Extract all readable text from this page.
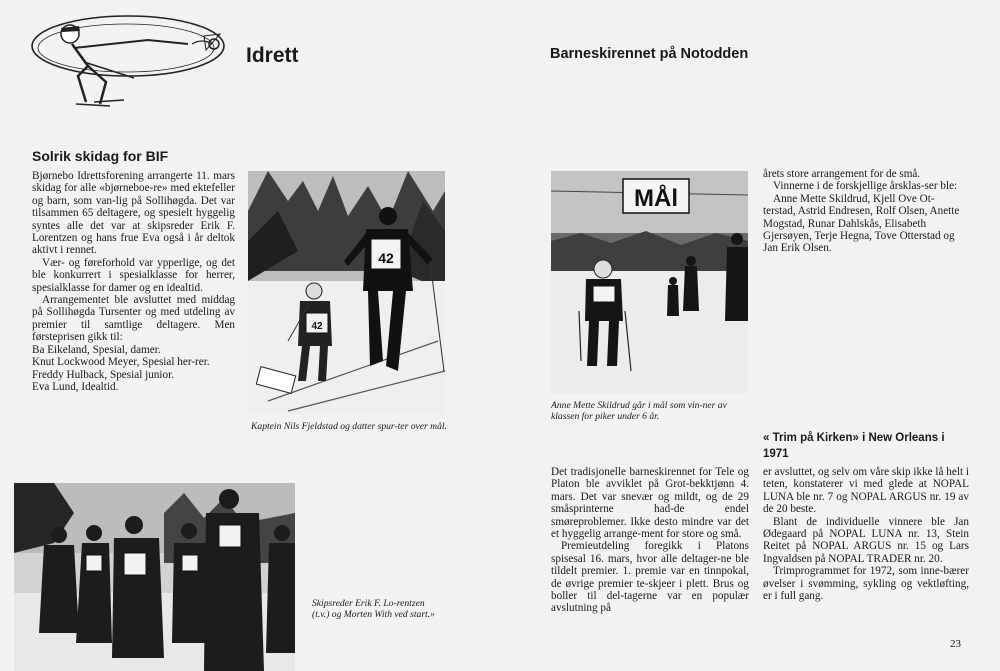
Idrett	Barneskirennet på Notodden
Solrik skidag for BIF

Bjørnebo Idrettsforening arrangerte 11. mars skidag for alle «bjørneboe-re» med ektefeller og barn, som van-lig på Sollihøgda. Det var tilsammen 65 deltagere, og spesielt hyggelig syntes alle det var at skipsreder Erik F. Lorentzen og hans frue Eva også i år deltok aktivt i rennet.

Vær- og føreforhold var ypperlige, og det ble konkurrert i spesialklasse for herrer, spesialklasse for damer og en idealtid.

Arrangementet ble avsluttet med middag på Sollihøgda Tursenter og med utdeling av premier til samtlige deltagere. Men førsteprisen gikk til:

Ba Eikeland, Spesial, damer.
Knut Lockwood Meyer, Spesial her-rer.
Freddy Hulback, Spesial junior.
Eva Lund, Idealtid.
42
42
Kaptein Nils Fjeldstad og datter spur-ter over mål.
Skipsreder Erik F. Lo-rentzen (t.v.) og Morten With ved start.»
MÅl
Anne Mette Skildrud går i mål som vin-ner av klassen for piker under 6 år.

Det tradisjonelle barneskirennet for Tele og Platon ble avviklet på Grot-bekktjønn 4. mars. Det var snevær og mildt, og de 29 småsprinterne had-de endel smøreproblemer. Ikke desto mindre var det et hyggelig arrange-ment for store og små.

Premieutdeling foregikk i Platons spisesal 16. mars, hvor alle deltager-ne ble tildelt premier. 1. premie var en tinnpokal, de øvrige premier te-skjeer i plett. Brus og boller til del-tagerne var en populær avslutning på

årets store arrangement for de små.

Vinnerne i de forskjellige årsklas-ser ble:

Anne Mette Skildrud, Kjell Ove Ot-terstad, Astrid Endresen, Rolf Olsen, Anette Mogstad, Runar Dahlskås, Elisabeth Gjersøyen, Terje Hegna, Tove Otterstad og Jan Erik Olsen.

« Trim på Kirken» i New Orleans i 1971

er avsluttet, og selv om våre skip ikke lå helt i teten, konstaterer vi med glede at NOPAL LUNA ble nr. 7 og NOPAL ARGUS nr. 19 av de 20 beste.

Blant de individuelle vinnere ble Jan Ødegaard på NOPAL LUNA nr. 13, Stein Reitet på NOPAL ARGUS nr. 15 og Lars Ingvaldsen på NOPAL TRADER nr. 20.

Trimprogrammet for 1972, som inne-bærer øvelser i svømming, sykling og vektløfting, er i full gang.

23
